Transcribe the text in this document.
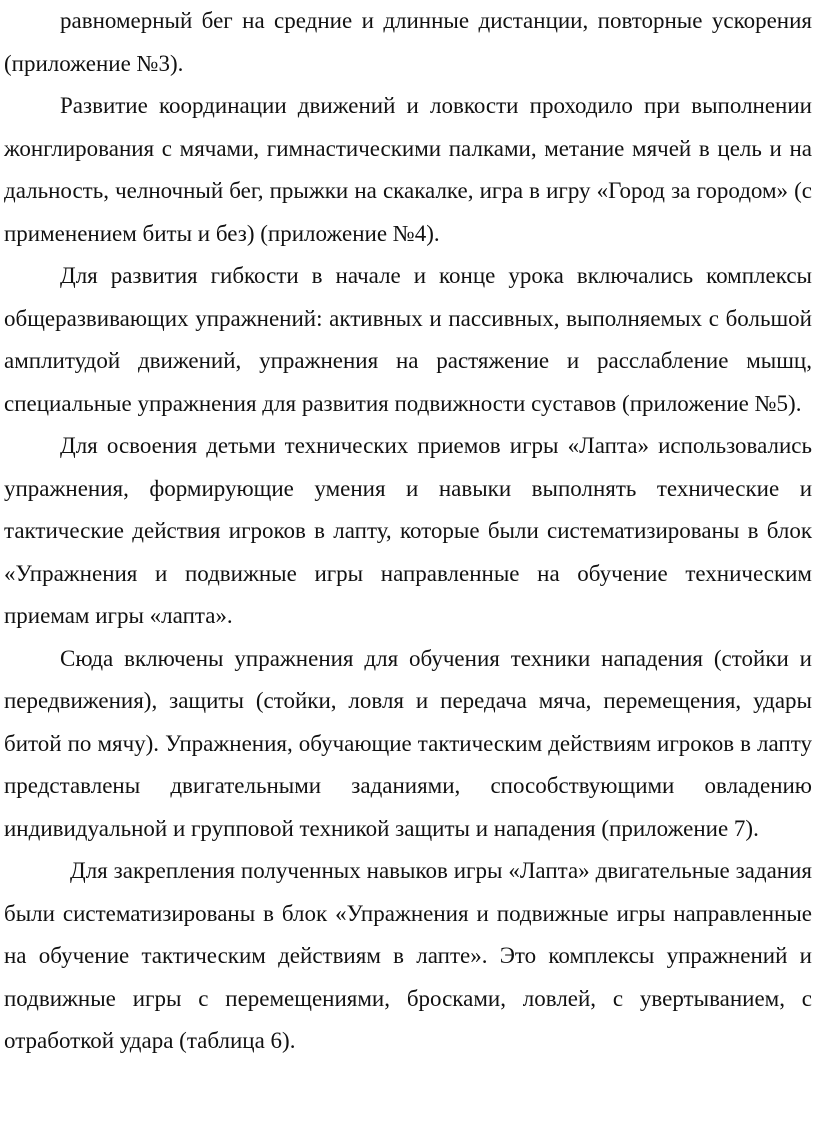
равномерный бег на средние и длинные дистанции, повторные ускорения (приложение №3).

Развитие координации движений и ловкости проходило при выполнении жонглирования с мячами, гимнастическими палками, метание мячей в цель и на дальность, челночный бег, прыжки на скакалке, игра в игру «Город за городом» (с применением биты и без) (приложение №4).

Для развития гибкости в начале и конце урока включались комплексы общеразвивающих упражнений: активных и пассивных, выполняемых с большой амплитудой движений, упражнения на растяжение и расслабление мышц, специальные упражнения для развития подвижности суставов (приложение №5).

Для освоения детьми технических приемов игры «Лапта» использовались упражнения, формирующие умения и навыки выполнять технические и тактические действия игроков в лапту, которые были систематизированы в блок «Упражнения и подвижные игры направленные на обучение техническим приемам игры «лапта».

Сюда включены упражнения для обучения техники нападения (стойки и передвижения), защиты (стойки, ловля и передача мяча, перемещения, удары битой по мячу). Упражнения, обучающие тактическим действиям игроков в лапту представлены двигательными заданиями, способствующими овладению индивидуальной и групповой техникой защиты и нападения (приложение 7).

Для закрепления полученных навыков игры «Лапта» двигательные задания были систематизированы в блок «Упражнения и подвижные игры направленные на обучение тактическим действиям в лапте». Это комплексы упражнений и подвижные игры с перемещениями, бросками, ловлей, с увертыванием, с отработкой удара (таблица 6).
